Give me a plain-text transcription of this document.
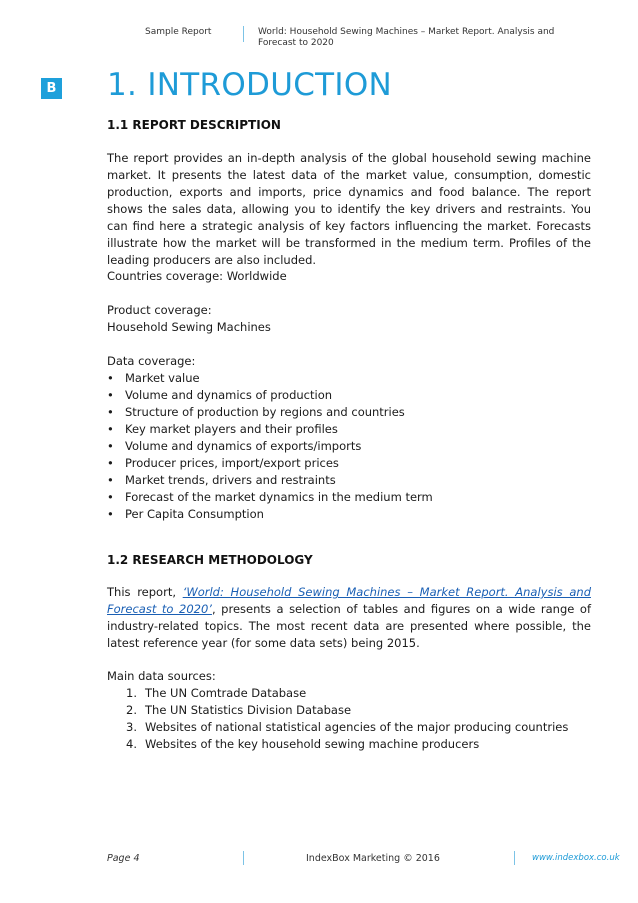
Sample Report	World: Household Sewing Machines – Market Report. Analysis and Forecast to 2020
B 1. INTRODUCTION
1.1 REPORT DESCRIPTION

The report provides an in-depth analysis of the global household sewing machine market. It presents the latest data of the market value, consumption, domestic production, exports and imports, price dynamics and food balance. The report shows the sales data, allowing you to identify the key drivers and restraints. You can find here a strategic analysis of key factors influencing the market. Forecasts illustrate how the market will be transformed in the medium term. Profiles of the leading producers are also included.

Countries coverage: Worldwide

Product coverage:

Household Sewing Machines

Data coverage:

• Market value
• Volume and dynamics of production
• Structure of production by regions and countries
• Key market players and their profiles
• Volume and dynamics of exports/imports
• Producer prices, import/export prices
• Market trends, drivers and restraints
• Forecast of the market dynamics in the medium term
• Per Capita Consumption
1.2 RESEARCH METHODOLOGY

This report, ‘World: Household Sewing Machines – Market Report. Analysis and Forecast to 2020’, presents a selection of tables and figures on a wide range of industry-related topics. The most recent data are presented where possible, the latest reference year (for some data sets) being 2015.

Main data sources:

1. The UN Comtrade Database
2. The UN Statistics Division Database
3. Websites of national statistical agencies of the major producing countries
4. Websites of the key household sewing machine producers
Page 4	IndexBox Marketing © 2016	www.indexbox.co.uk
